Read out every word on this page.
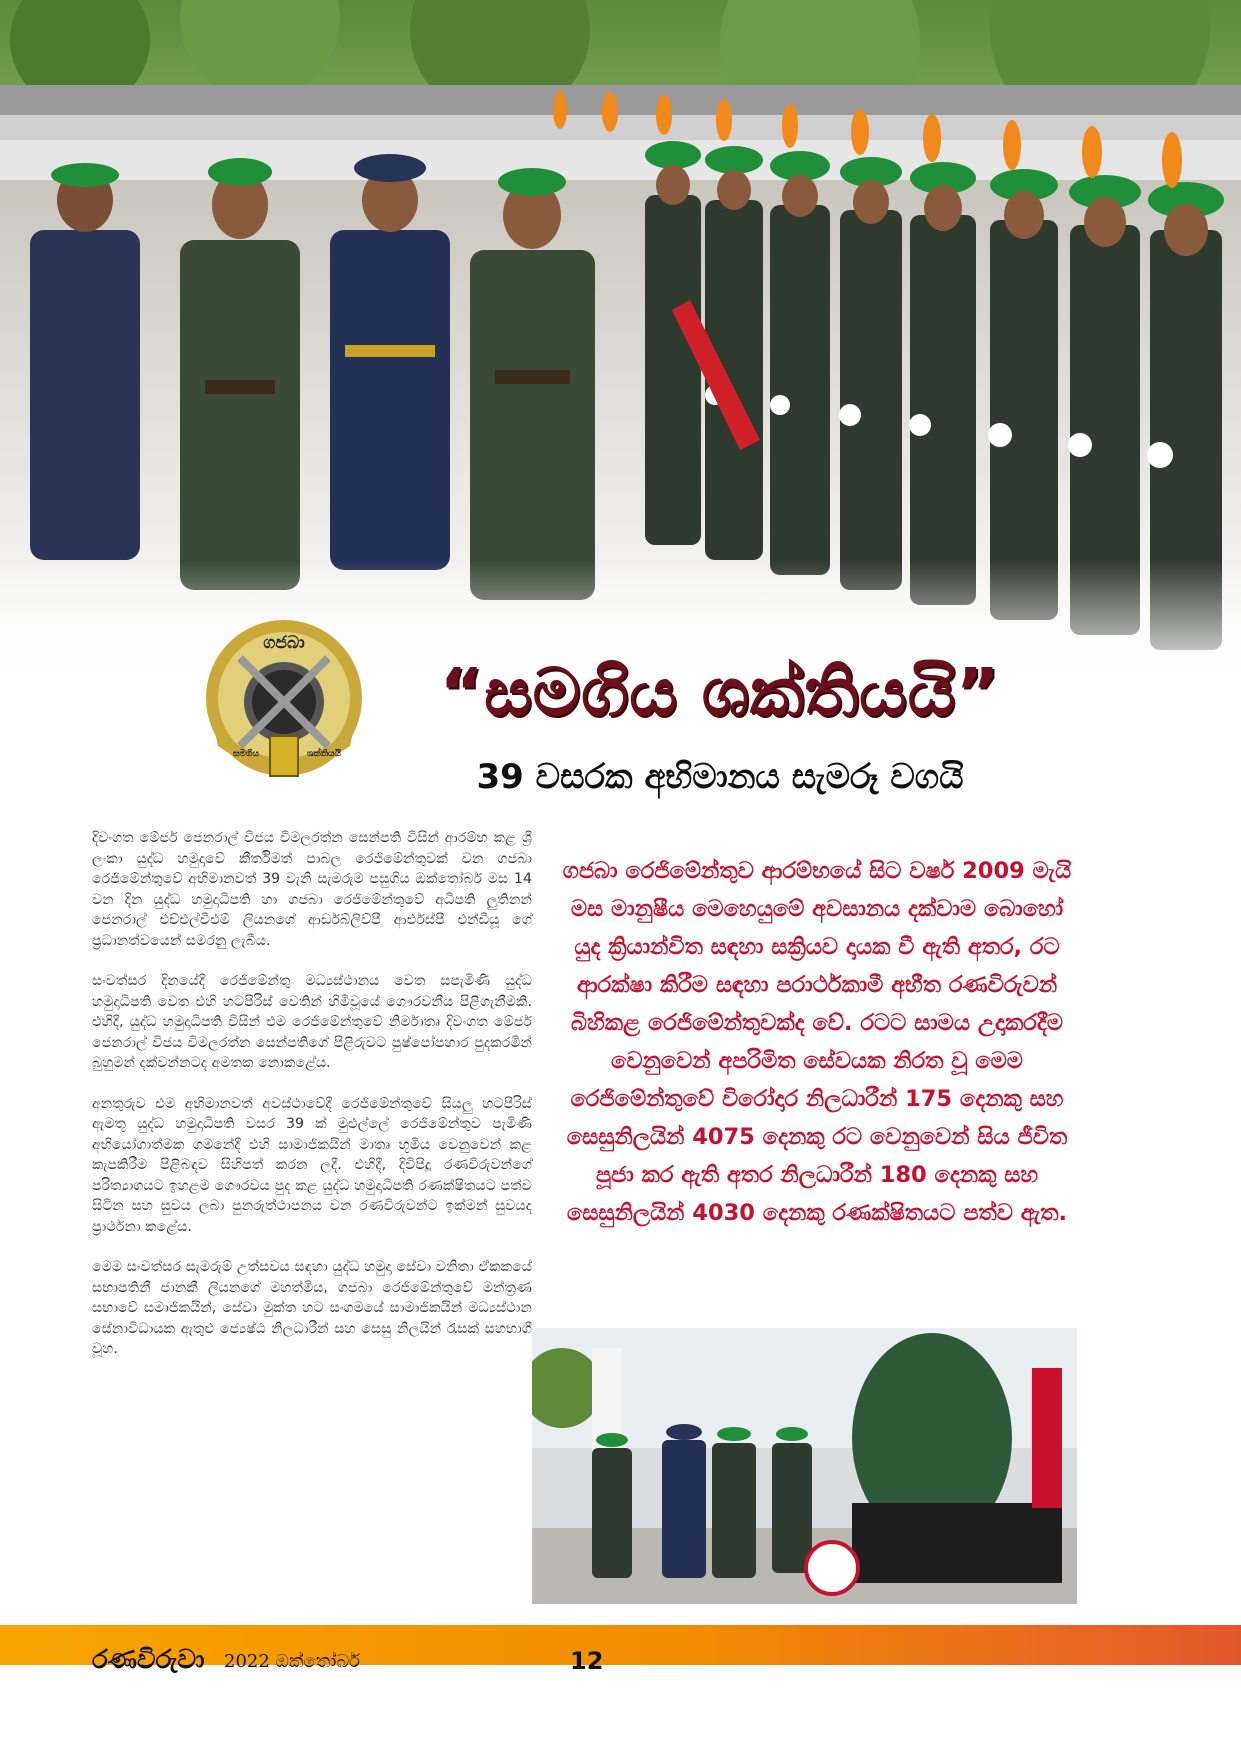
ගජබා
සමගිය	ශක්තියයි
“සමගිය ශක්තියයි”
39 වසරක අභිමානය සැමරූ වගයි

දිවංගත මේජර් ජෙනරාල් විජය විමලරත්න සෙන්පති විසින් ආරම්භ කළ ශ්‍රී ලංකා යුද්ධ හමුදාවේ කීර්තිමත් පාබල රෙජිමේන්තුවක් වන ගජබා රෙජිමේන්තුවේ අභිමානවත් 39 වැනි සැමරුම පසුගිය ඔක්තෝබර් මස 14 වන දින යුද්ධ හමුදාධිපති හා ගජබා රෙජිමේන්තුවේ අධිපති ලුතිනන් ජෙනරාල් එච්එල්වීඑම් ලියනගේ ආර්ඩබ්ලිව්පී ආර්එස්පී එන්ඩීයූ ගේ ප්‍රධානත්වයෙන් සමරනු ලැබීය.

සංවත්සර දිනයේදී රෙජිමේන්තු මධ්‍යස්ථානය වෙත සපැමිණි යුද්ධ හමුදාධිපති වෙත එහි හටපිරිස් වෙතින් හිමිවූයේ ගෞරවනීය පිළිගැනීමකි. එහිදී, යුද්ධ හමුදාධිපති විසින් එම රෙජිමේන්තුවේ නිර්මාතෘ දිවංගත මේජර් ජෙනරාල් විජය විමලරත්න සෙන්පතිගේ පිළිරුවට පුෂ්පෝපහාර පුදකරමින් බුහුමන් දක්වන්නටද අමතක නොකළේය.

අනතුරුව එම අභිමානවත් අවස්ථාවේදී රෙජිමේන්තුවේ සියලු හටපිරිස් ඇමතූ යුද්ධ හමුදාධිපති වසර 39 ක් මුළුල්ලේ රෙජිමේන්තුව පැමිණි අභියෝගාත්මක ගමනේදී එහි සාමාජිකයින් මාතෘ භූමිය වෙනුවෙන් කළ කැපකිරීම පිළිබඳව සිහිපත් කරන ලදී. එහිදී, දිවිපිදූ රණවිරුවන්ගේ පරිත්‍යාගයට ඉහළම ගෞරවය පුද කළ යුද්ධ හමුදාධිපති රණක්ෂිතයට පත්ව සිටින සහ සුවය ලබා පුනරුත්ථාපනය වන රණවිරුවන්ට ඉක්මන් සුවයද ප්‍රාර්ථනා කළේය.

මෙම සංවත්සර සැමරුම් උත්සවය සඳහා යුද්ධ හමුදා සේවා වනිතා ඒකකයේ සභාපතිනී ජානකී ලියනගේ මහත්මිය, ගජබා රෙජිමේන්තුවේ මන්ත්‍රණ සභාවේ සමාජිකයින්, සේවා මුක්ත හට සංගමයේ සාමාජිකයින් මධ්‍යස්ථාන සේනාවිධායක ඇතුළු ජ්‍යෙෂ්ඨ නිලධාරීන් සහ සෙසු නිලයින් රැසක් සහභාගී වූහ.

ගජබා රෙජිමේන්තුව ආරම්භයේ සිට වර්ෂ 2009 මැයි මස මානුෂීය මෙහෙයුමේ අවසානය දක්වාම බොහෝ යුද ක්‍රියාන්විත සඳහා සක්‍රියව දායක වී ඇති අතර, රට ආරක්ෂා කිරීම සඳහා පරාර්ථකාමී අභීත රණවිරුවන් බිහිකළ රෙජිමේන්තුවක්ද වේ. රටට සාමය උදාකරදීම වෙනුවෙන් අපරිමිත සේවයක නිරත වූ මෙම රෙජිමේන්තුවේ විරෝදාර නිලධාරීන් 175 දෙනකු සහ සෙසුනිලයින් 4075 දෙනකු රට වෙනුවෙන් සිය ජීවිත පූජා කර ඇති අතර නිලධාරීන් 180 දෙනකු සහ සෙසුනිලයින් 4030 දෙනකු රණක්ෂිතයට පත්ව ඇත.
රණවිරුවා 2022 ඔක්තෝබර්	12
